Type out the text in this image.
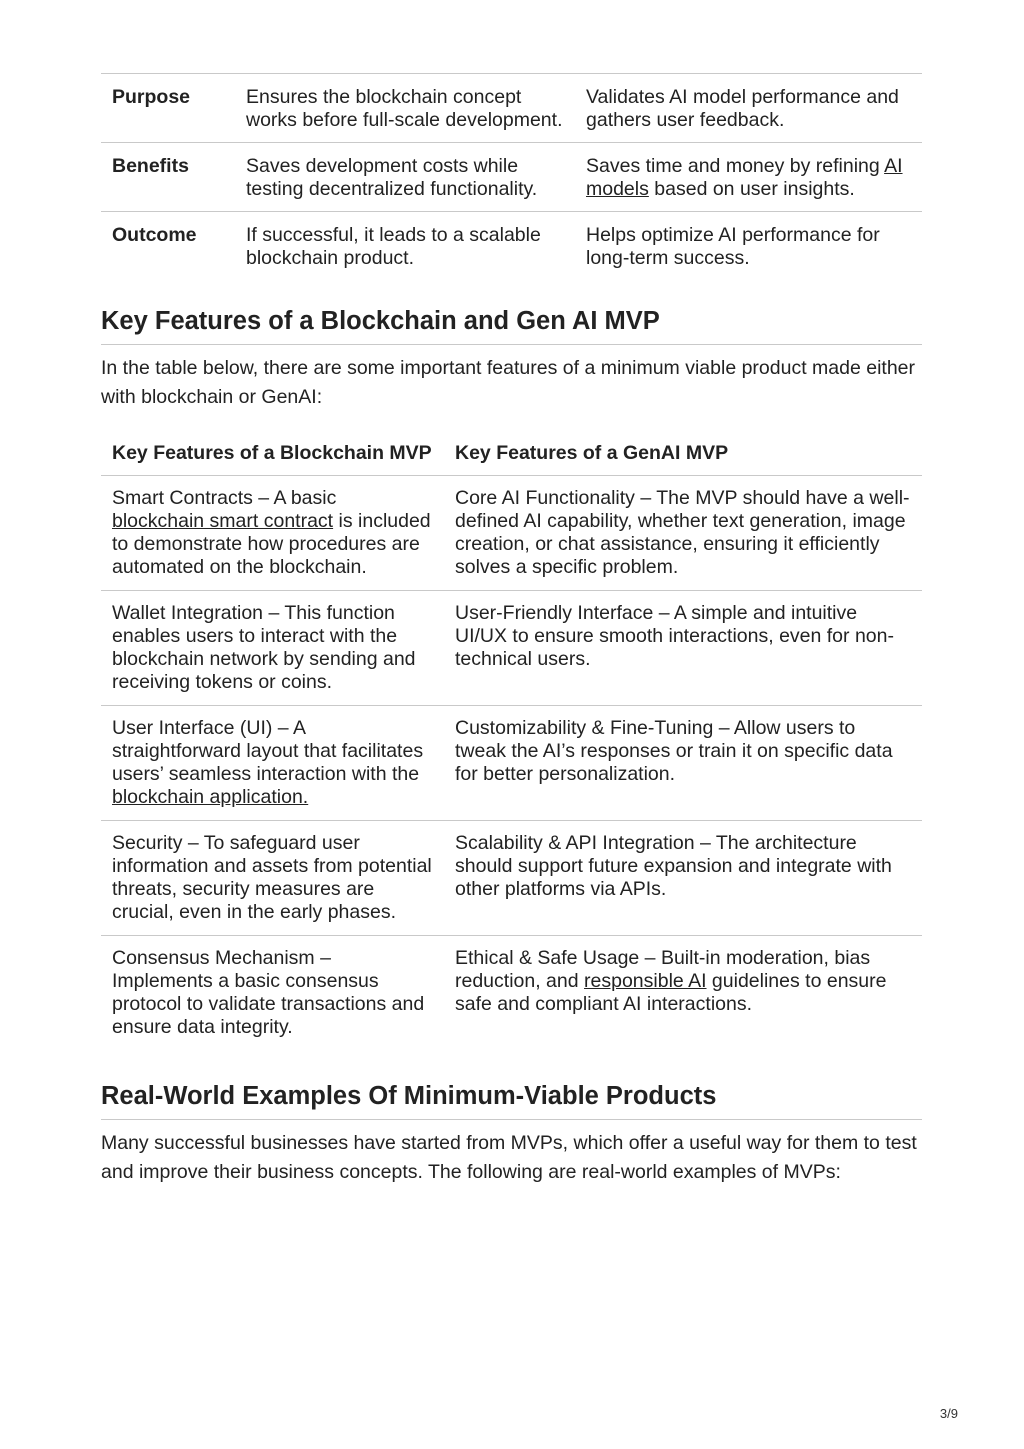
Purpose	Ensures the blockchain concept works before full-scale development.	Validates AI model performance and gathers user feedback.
Benefits	Saves development costs while testing decentralized functionality.	Saves time and money by refining AI models based on user insights.
Outcome	If successful, it leads to a scalable blockchain product.	Helps optimize AI performance for long-term success.
Key Features of a Blockchain and Gen AI MVP

In the table below, there are some important features of a minimum viable product made either with blockchain or GenAI:

Key Features of a Blockchain MVP	Key Features of a GenAI MVP
Smart Contracts – A basic blockchain smart contract is included to demonstrate how procedures are automated on the blockchain.	Core AI Functionality – The MVP should have a well-defined AI capability, whether text generation, image creation, or chat assistance, ensuring it efficiently solves a specific problem.
Wallet Integration – This function enables users to interact with the blockchain network by sending and receiving tokens or coins.	User-Friendly Interface – A simple and intuitive UI/UX to ensure smooth interactions, even for non-technical users.
User Interface (UI) – A straightforward layout that facilitates users’ seamless interaction with the blockchain application.	Customizability & Fine-Tuning – Allow users to tweak the AI’s responses or train it on specific data for better personalization.
Security – To safeguard user information and assets from potential threats, security measures are crucial, even in the early phases.	Scalability & API Integration – The architecture should support future expansion and integrate with other platforms via APIs.
Consensus Mechanism – Implements a basic consensus protocol to validate transactions and ensure data integrity.	Ethical & Safe Usage – Built-in moderation, bias reduction, and responsible AI guidelines to ensure safe and compliant AI interactions.
Real-World Examples Of Minimum-Viable Products

Many successful businesses have started from MVPs, which offer a useful way for them to test and improve their business concepts. The following are real-world examples of MVPs:

3/9
